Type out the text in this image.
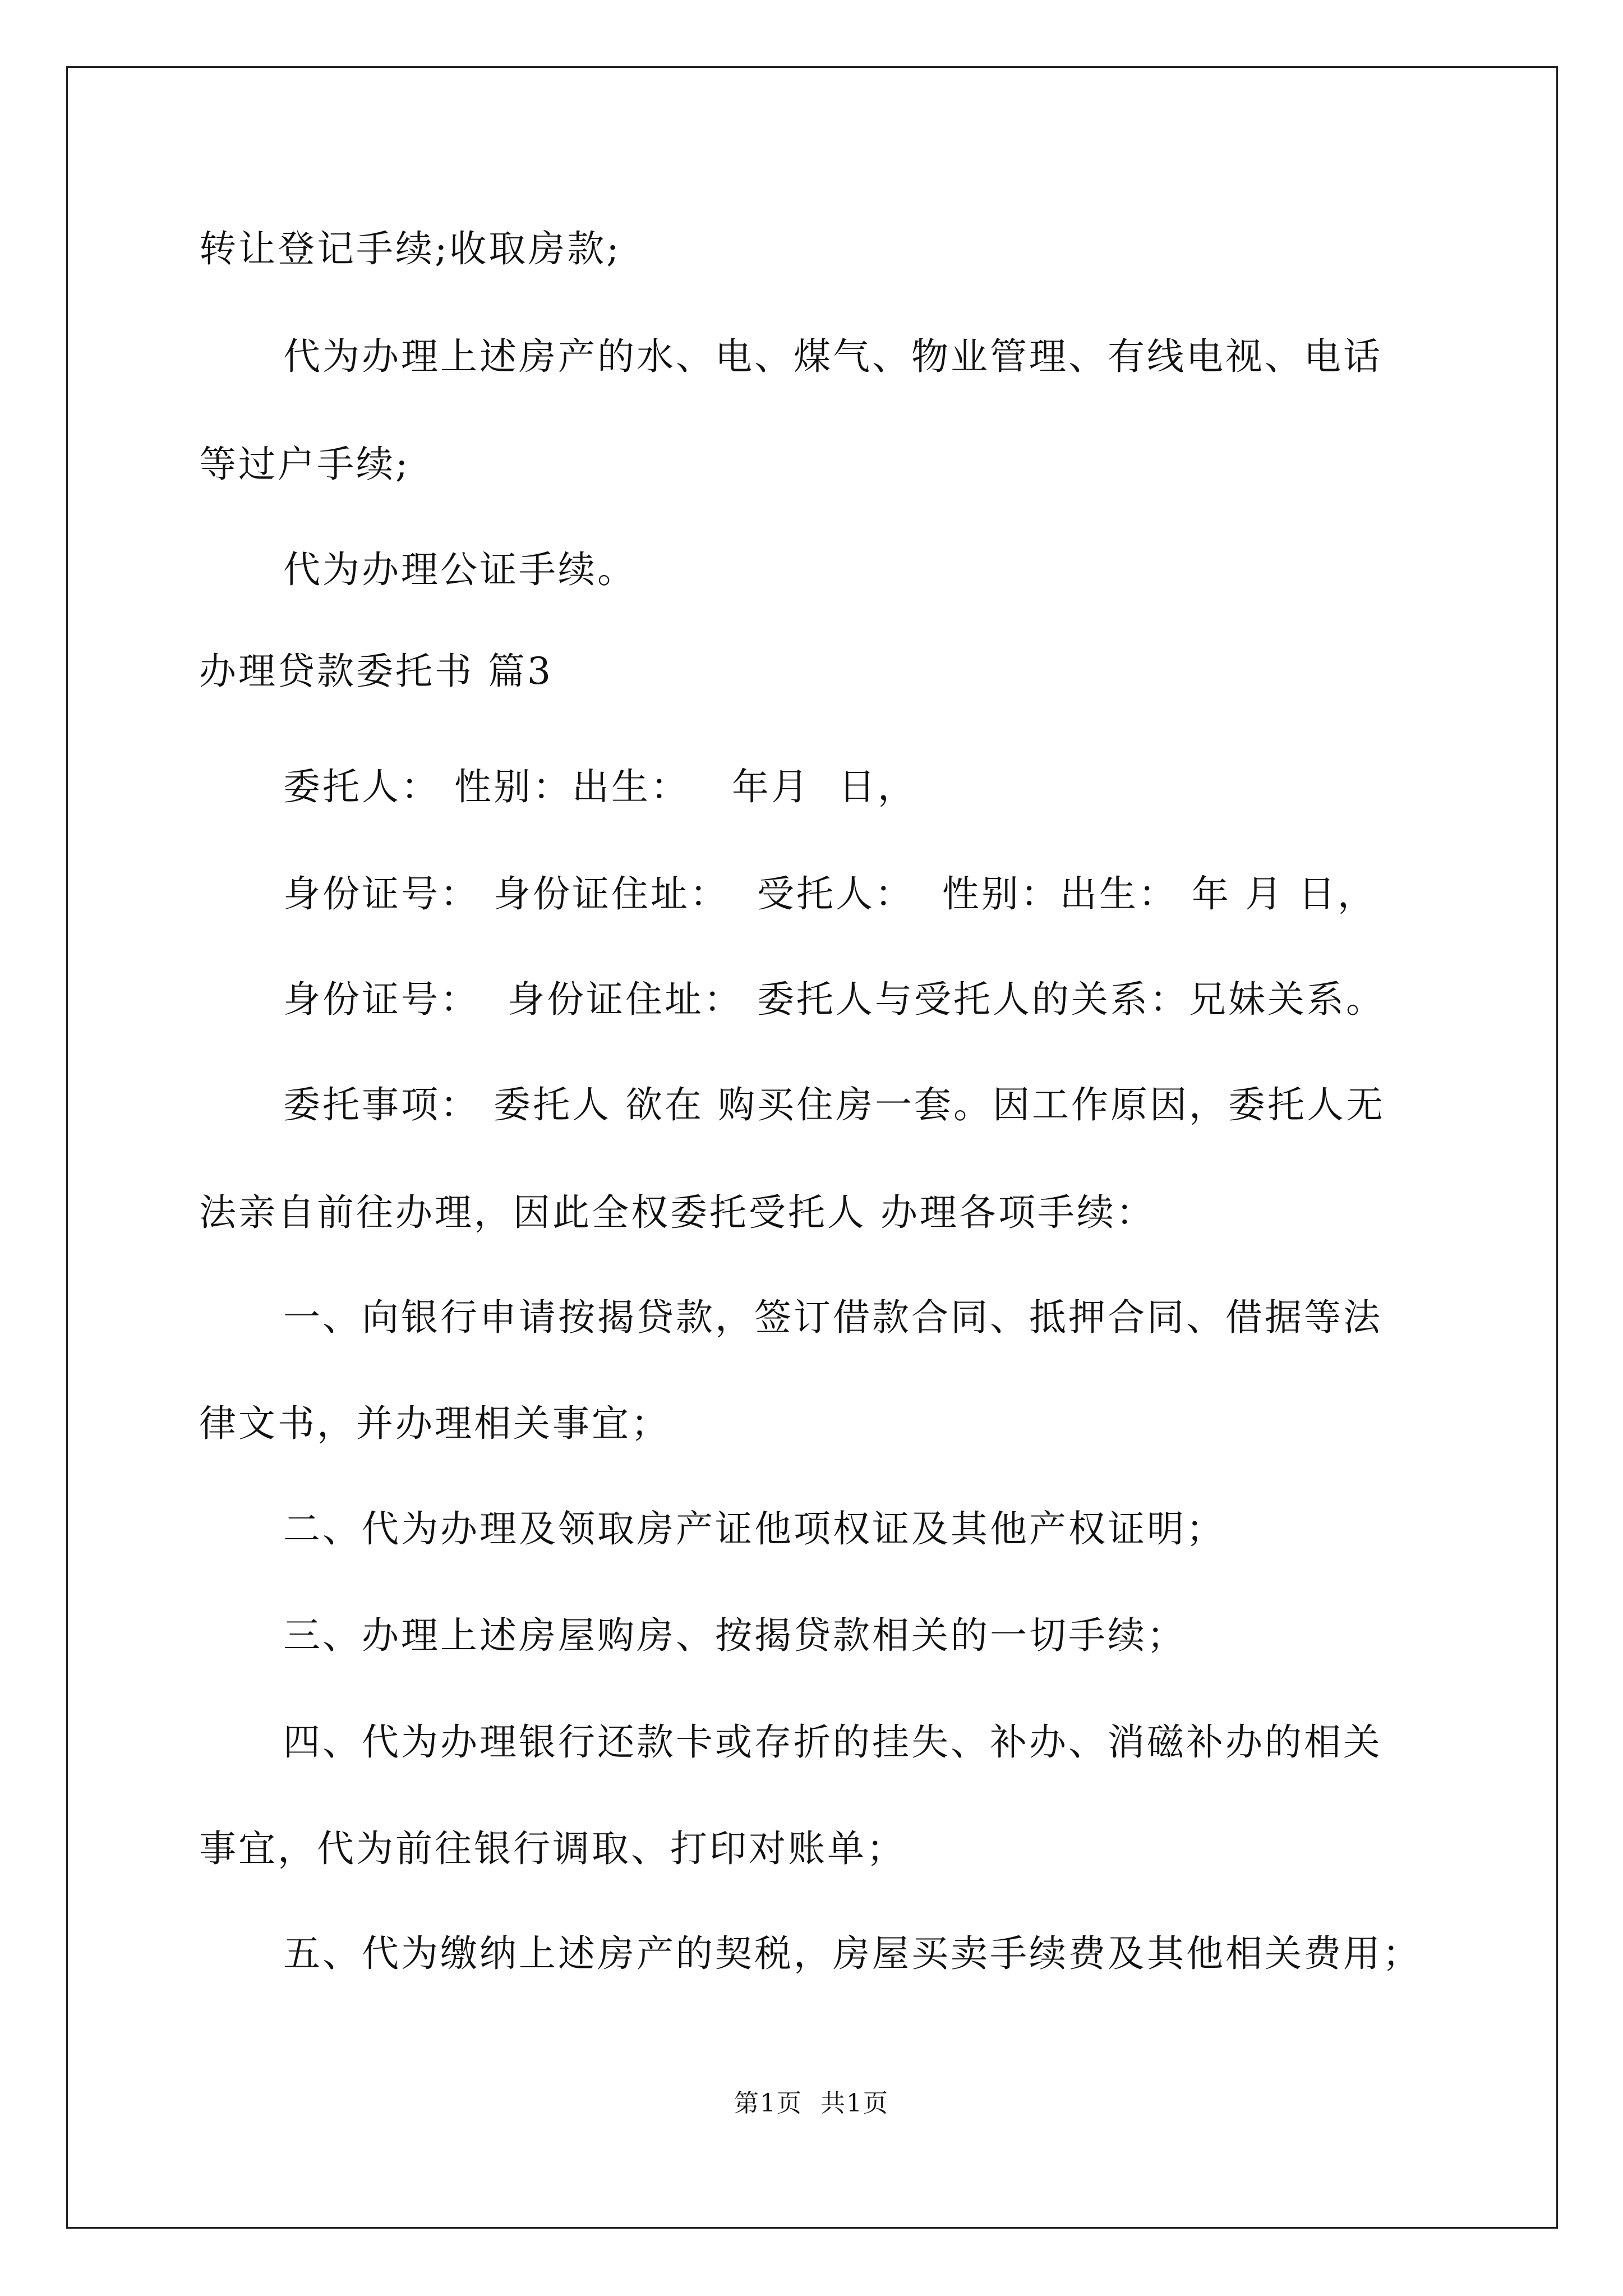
转让登记手续;收取房款;
代为办理上述房产的水、电、煤气、物业管理、有线电视、电话
等过户手续;
代为办理公证手续。
办理贷款委托书 篇3
委托人： 性别：出生：   年月  日，
身份证号： 身份证住址：  受托人：  性别：出生： 年 月 日，
身份证号：  身份证住址： 委托人与受托人的关系：兄妹关系。
委托事项： 委托人 欲在 购买住房一套。因工作原因，委托人无
法亲自前往办理，因此全权委托受托人 办理各项手续：
一、向银行申请按揭贷款，签订借款合同、抵押合同、借据等法
律文书，并办理相关事宜；
二、代为办理及领取房产证他项权证及其他产权证明；
三、办理上述房屋购房、按揭贷款相关的一切手续；
四、代为办理银行还款卡或存折的挂失、补办、消磁补办的相关
事宜，代为前往银行调取、打印对账单；
五、代为缴纳上述房产的契税，房屋买卖手续费及其他相关费用；
第1页  共1页
